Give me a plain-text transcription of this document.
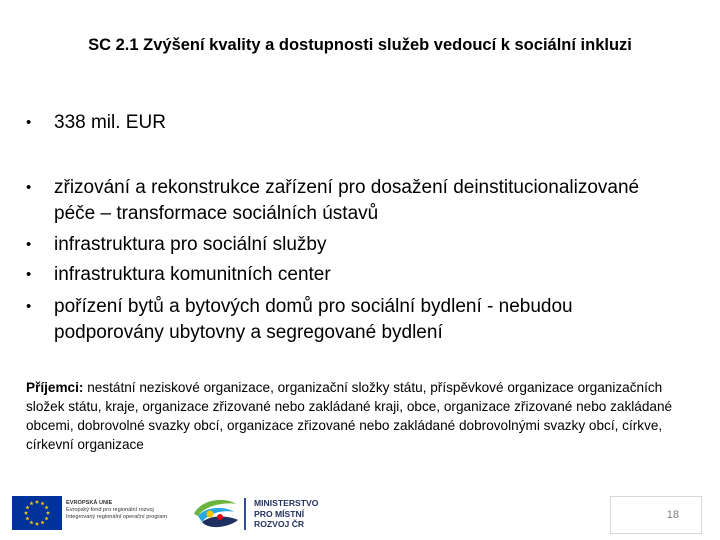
SC 2.1 Zvýšení kvality a dostupnosti služeb vedoucí k sociální inkluzi
•	338 mil. EUR
•	zřizování a rekonstrukce zařízení pro dosažení deinstitucionalizované péče – transformace sociálních ústavů
•	infrastruktura pro sociální služby
•	infrastruktura komunitních center
•	pořízení bytů a bytových domů pro sociální bydlení - nebudou podporovány ubytovny a segregované bydlení
Příjemci: nestátní neziskové organizace, organizační složky státu, příspěvkové organizace organizačních složek státu, kraje, organizace zřizované nebo zakládané kraji, obce, organizace zřizované nebo zakládané obcemi, dobrovolné svazky obcí, organizace zřizované nebo zakládané dobrovolnými svazky obcí, církve, církevní organizace
EVROPSKÁ UNIE
Evropský fond pro regionální rozvoj
Integrovaný regionální operační program
MINISTERSTVO
PRO MÍSTNÍ
ROZVOJ ČR
18
